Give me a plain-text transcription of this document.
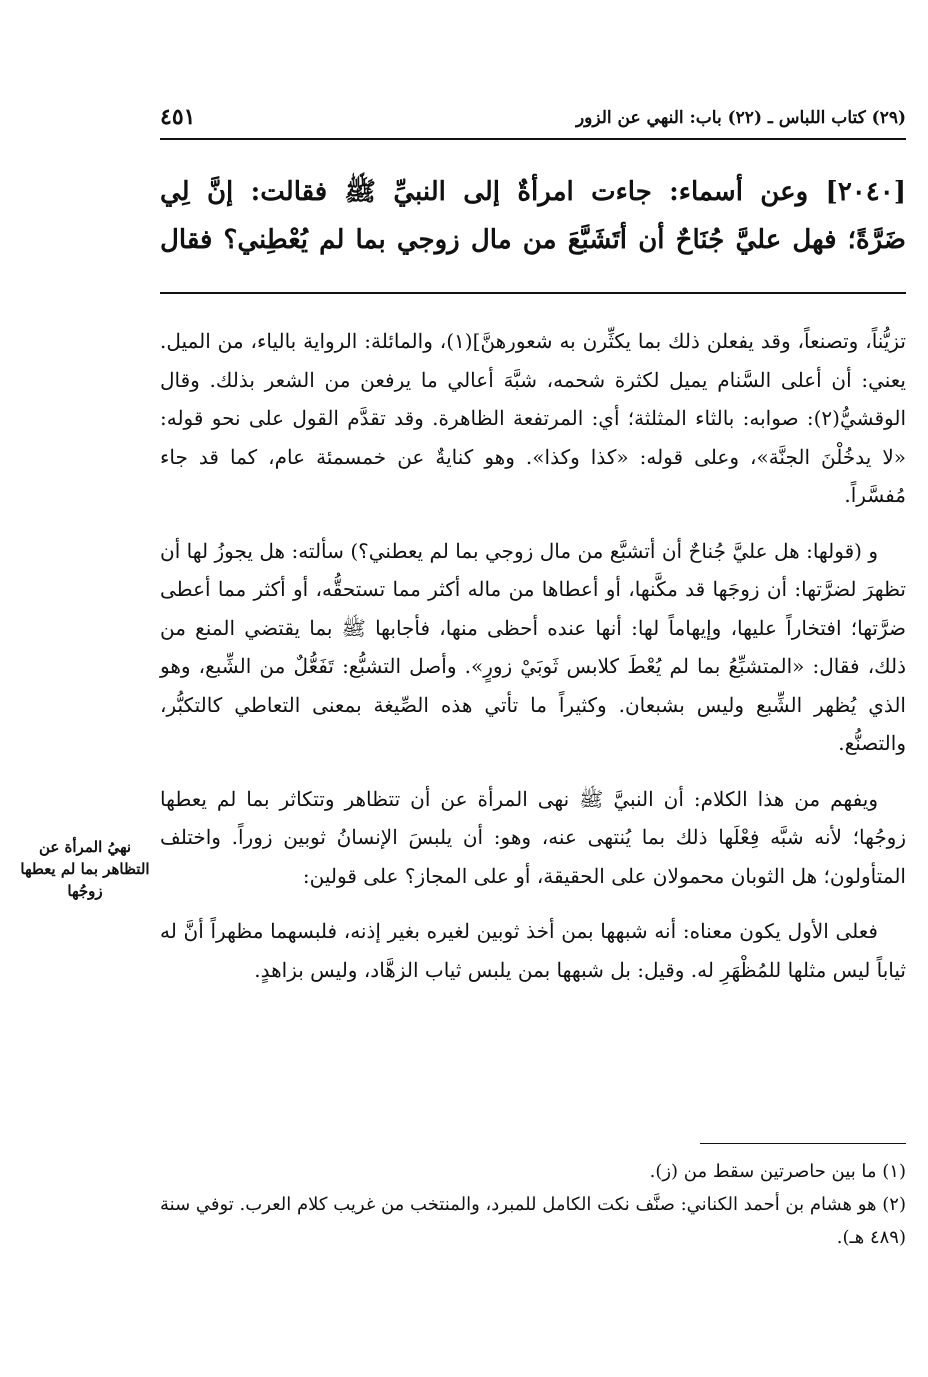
(٢٩) كتاب اللباس ـ (٢٢) باب: النهي عن الزور
٤٥١

[٢٠٤٠] وعن أسماء: جاءت امرأةٌ إلى النبيِّ ﷺ فقالت: إنَّ لِي

ضَرَّةً؛ فهل عليَّ جُنَاحٌ أن أتَشَبَّعَ من مال زوجي بما لم يُعْطِني؟ فقال

تزيُّناً، وتصنعاً، وقد يفعلن ذلك بما يكثِّرن به شعورهنَّ](١)، والمائلة: الرواية بالياء، من الميل. يعني: أن أعلى السَّنام يميل لكثرة شحمه، شبَّهَ أعالي ما يرفعن من الشعر بذلك. وقال الوقشيُّ(٢): صوابه: بالثاء المثلثة؛ أي: المرتفعة الظاهرة. وقد تقدَّم القول على نحو قوله: «لا يدخُلْنَ الجنَّة»، وعلى قوله: «كذا وكذا». وهو كنايةٌ عن خمسمئة عام، كما قد جاء مُفسَّراً.

و (قولها: هل عليَّ جُناحٌ أن أتشبَّع من مال زوجي بما لم يعطني؟) سألته: هل يجوزُ لها أن تظهرَ لضرَّتها: أن زوجَها قد مكَّنها، أو أعطاها من ماله أكثر مما تستحقُّه، أو أكثر مما أعطى ضرَّتها؛ افتخاراً عليها، وإيهاماً لها: أنها عنده أحظى منها، فأجابها ﷺ بما يقتضي المنع من ذلك، فقال: «المتشبِّعُ بما لم يُعْطَ كلابس ثَوبَيْ زورٍ». وأصل التشبُّع: تَفَعُّلٌ من الشِّبع، وهو الذي يُظهر الشِّبع وليس بشبعان. وكثيراً ما تأتي هذه الصِّيغة بمعنى التعاطي كالتكبُّر، والتصنُّع.

ويفهم من هذا الكلام: أن النبيَّ ﷺ نهى المرأة عن أن تتظاهر وتتكاثر بما لم يعطها زوجُها؛ لأنه شبَّه فِعْلَها ذلك بما يُنتهى عنه، وهو: أن يلبسَ الإنسانُ ثوبين زوراً. واختلف المتأولون؛ هل الثوبان محمولان على الحقيقة، أو على المجاز؟ على قولين:

فعلى الأول يكون معناه: أنه شبهها بمن أخذ ثوبين لغيره بغير إذنه، فلبسهما مظهراً أنَّ له ثياباً ليس مثلها للمُظْهَرِ له. وقيل: بل شبهها بمن يلبس ثياب الزهَّاد، وليس بزاهدٍ.

نهيُ المرأة عن التظاهر بما لم يعطها زوجُها

(١) ما بين حاصرتين سقط من (ز).

(٢) هو هشام بن أحمد الكناني: صنَّف نكت الكامل للمبرد، والمنتخب من غريب كلام العرب. توفي سنة (٤٨٩ هـ).
